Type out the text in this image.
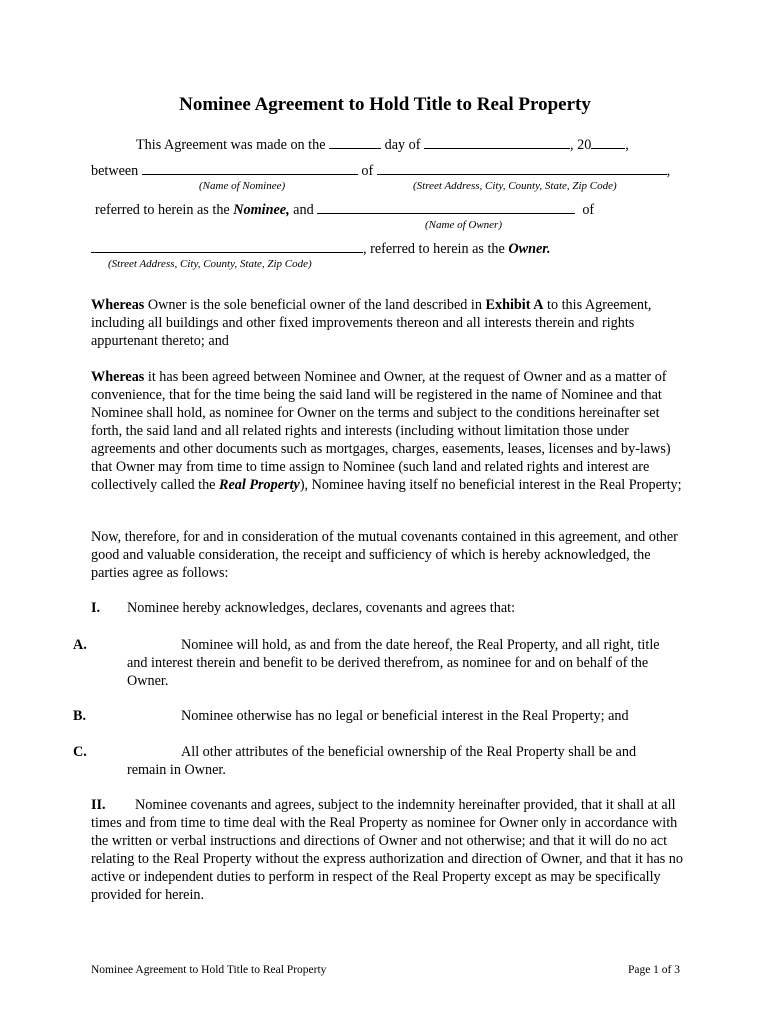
Nominee Agreement to Hold Title to Real Property
This Agreement was made on the	day of	, 20 ,
between	of	,
(Name of Nominee)	(Street Address, City, County, State, Zip Code)
referred to herein as the Nominee, and	of
(Name of Owner)
, referred to herein as the Owner.
(Street Address, City, County, State, Zip Code)
Whereas Owner is the sole beneficial owner of the land described in Exhibit A to this Agreement, including all buildings and other fixed improvements thereon and all interests therein and rights appurtenant thereto; and
Whereas it has been agreed between Nominee and Owner, at the request of Owner and as a matter of convenience, that for the time being the said land will be registered in the name of Nominee and that Nominee shall hold, as nominee for Owner on the terms and subject to the conditions hereinafter set forth, the said land and all related rights and interests (including without limitation those under agreements and other documents such as mortgages, charges, easements, leases, licenses and by-laws) that Owner may from time to time assign to Nominee (such land and related rights and interest are collectively called the Real Property), Nominee having itself no beneficial interest in the Real Property;
Now, therefore, for and in consideration of the mutual covenants contained in this agreement, and other good and valuable consideration, the receipt and sufficiency of which is hereby acknowledged, the parties agree as follows:
I. Nominee hereby acknowledges, declares, covenants and agrees that:
A.	Nominee will hold, as and from the date hereof, the Real Property, and all right, title and interest therein and benefit to be derived therefrom, as nominee for and on behalf of the Owner.
B.	Nominee otherwise has no legal or beneficial interest in the Real Property; and
C.	All other attributes of the beneficial ownership of the Real Property shall be and remain in Owner.
II. Nominee covenants and agrees, subject to the indemnity hereinafter provided, that it shall at all times and from time to time deal with the Real Property as nominee for Owner only in accordance with the written or verbal instructions and directions of Owner and not otherwise; and that it will do no act relating to the Real Property without the express authorization and direction of Owner, and that it has no active or independent duties to perform in respect of the Real Property except as may be specifically provided for herein.
Nominee Agreement to Hold Title to Real Property	Page 1 of 3
